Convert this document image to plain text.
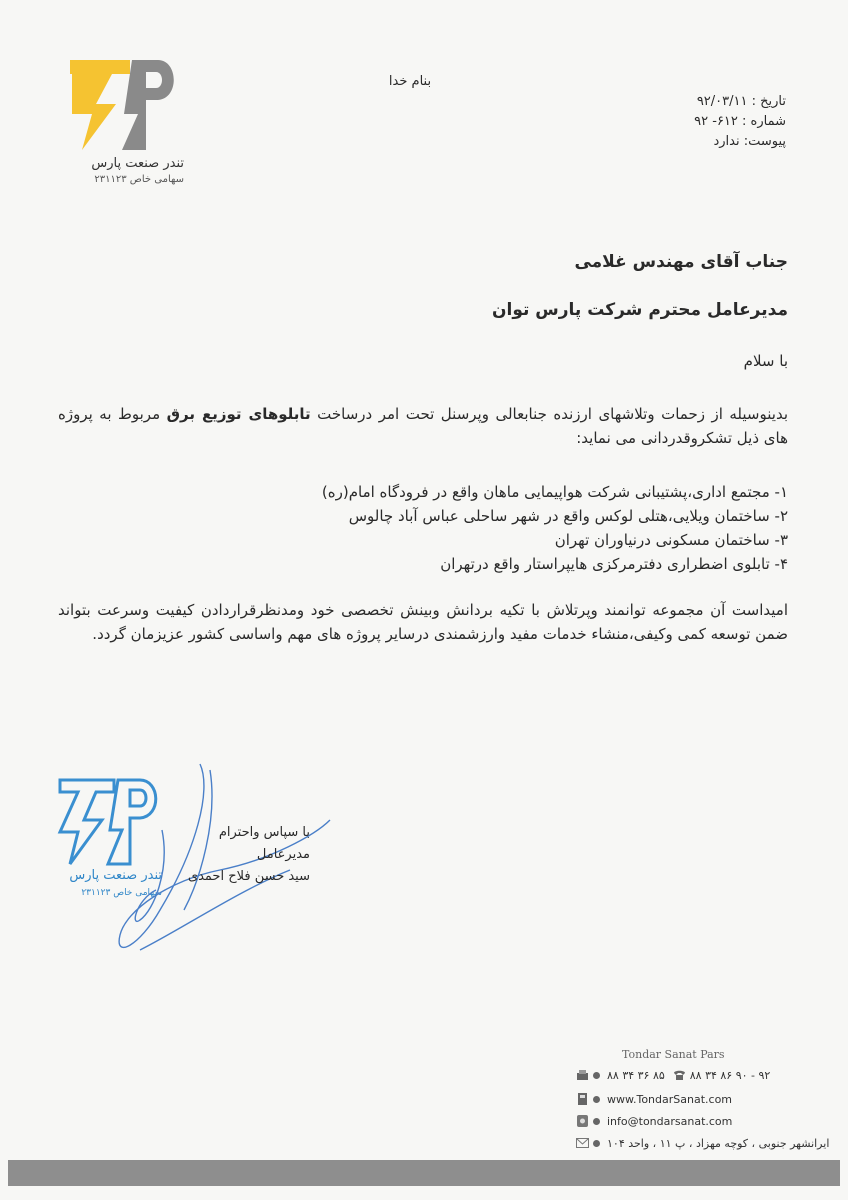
تندر صنعت پارس
سهامی خاص ۲۳۱۱۲۳
بنام خدا
تاریخ : ۹۲/۰۳/۱۱
شماره : ۶۱۲- ۹۲
پیوست: ندارد
جناب آقای مهندس غلامی
مدیرعامل محترم شرکت پارس توان
با سلام
بدینوسیله از زحمات وتلاشهای ارزنده جنابعالی وپرسنل تحت امر درساخت تابلوهای توزیع برق مربوط به پروژه های ذیل تشکروقدردانی می نماید:
۱- مجتمع اداری،پشتیبانی شرکت هواپیمایی ماهان واقع در فرودگاه امام(ره)
۲- ساختمان ویلایی،هتلی لوکس واقع در شهر ساحلی عباس آباد چالوس
۳- ساختمان مسکونی درنیاوران تهران
۴- تابلوی اضطراری دفترمرکزی هایپراستار واقع درتهران
امیداست آن مجموعه توانمند وپرتلاش با تکیه بردانش وبینش تخصصی خود ومدنظرقراردادن کیفیت وسرعت بتواند ضمن توسعه کمی وکیفی،منشاء خدمات مفید وارزشمندی درسایر پروژه های مهم واساسی کشور عزیزمان گردد.
تندر صنعت پارس
سهامی خاص ۲۳۱۱۲۳
با سپاس واحترام
مدیرعامل
سید حسن فلاح احمدی
Tondar Sanat Pars
۸۸ ۳۴ ۳۶ ۸۵ ۸۸ ۳۴ ۸۶ ۹۰ - ۹۲
www.TondarSanat.com
info@tondarsanat.com
ایرانشهر جنوبی ، کوچه مهزاد ، پ ۱۱ ، واحد ۱۰۴
